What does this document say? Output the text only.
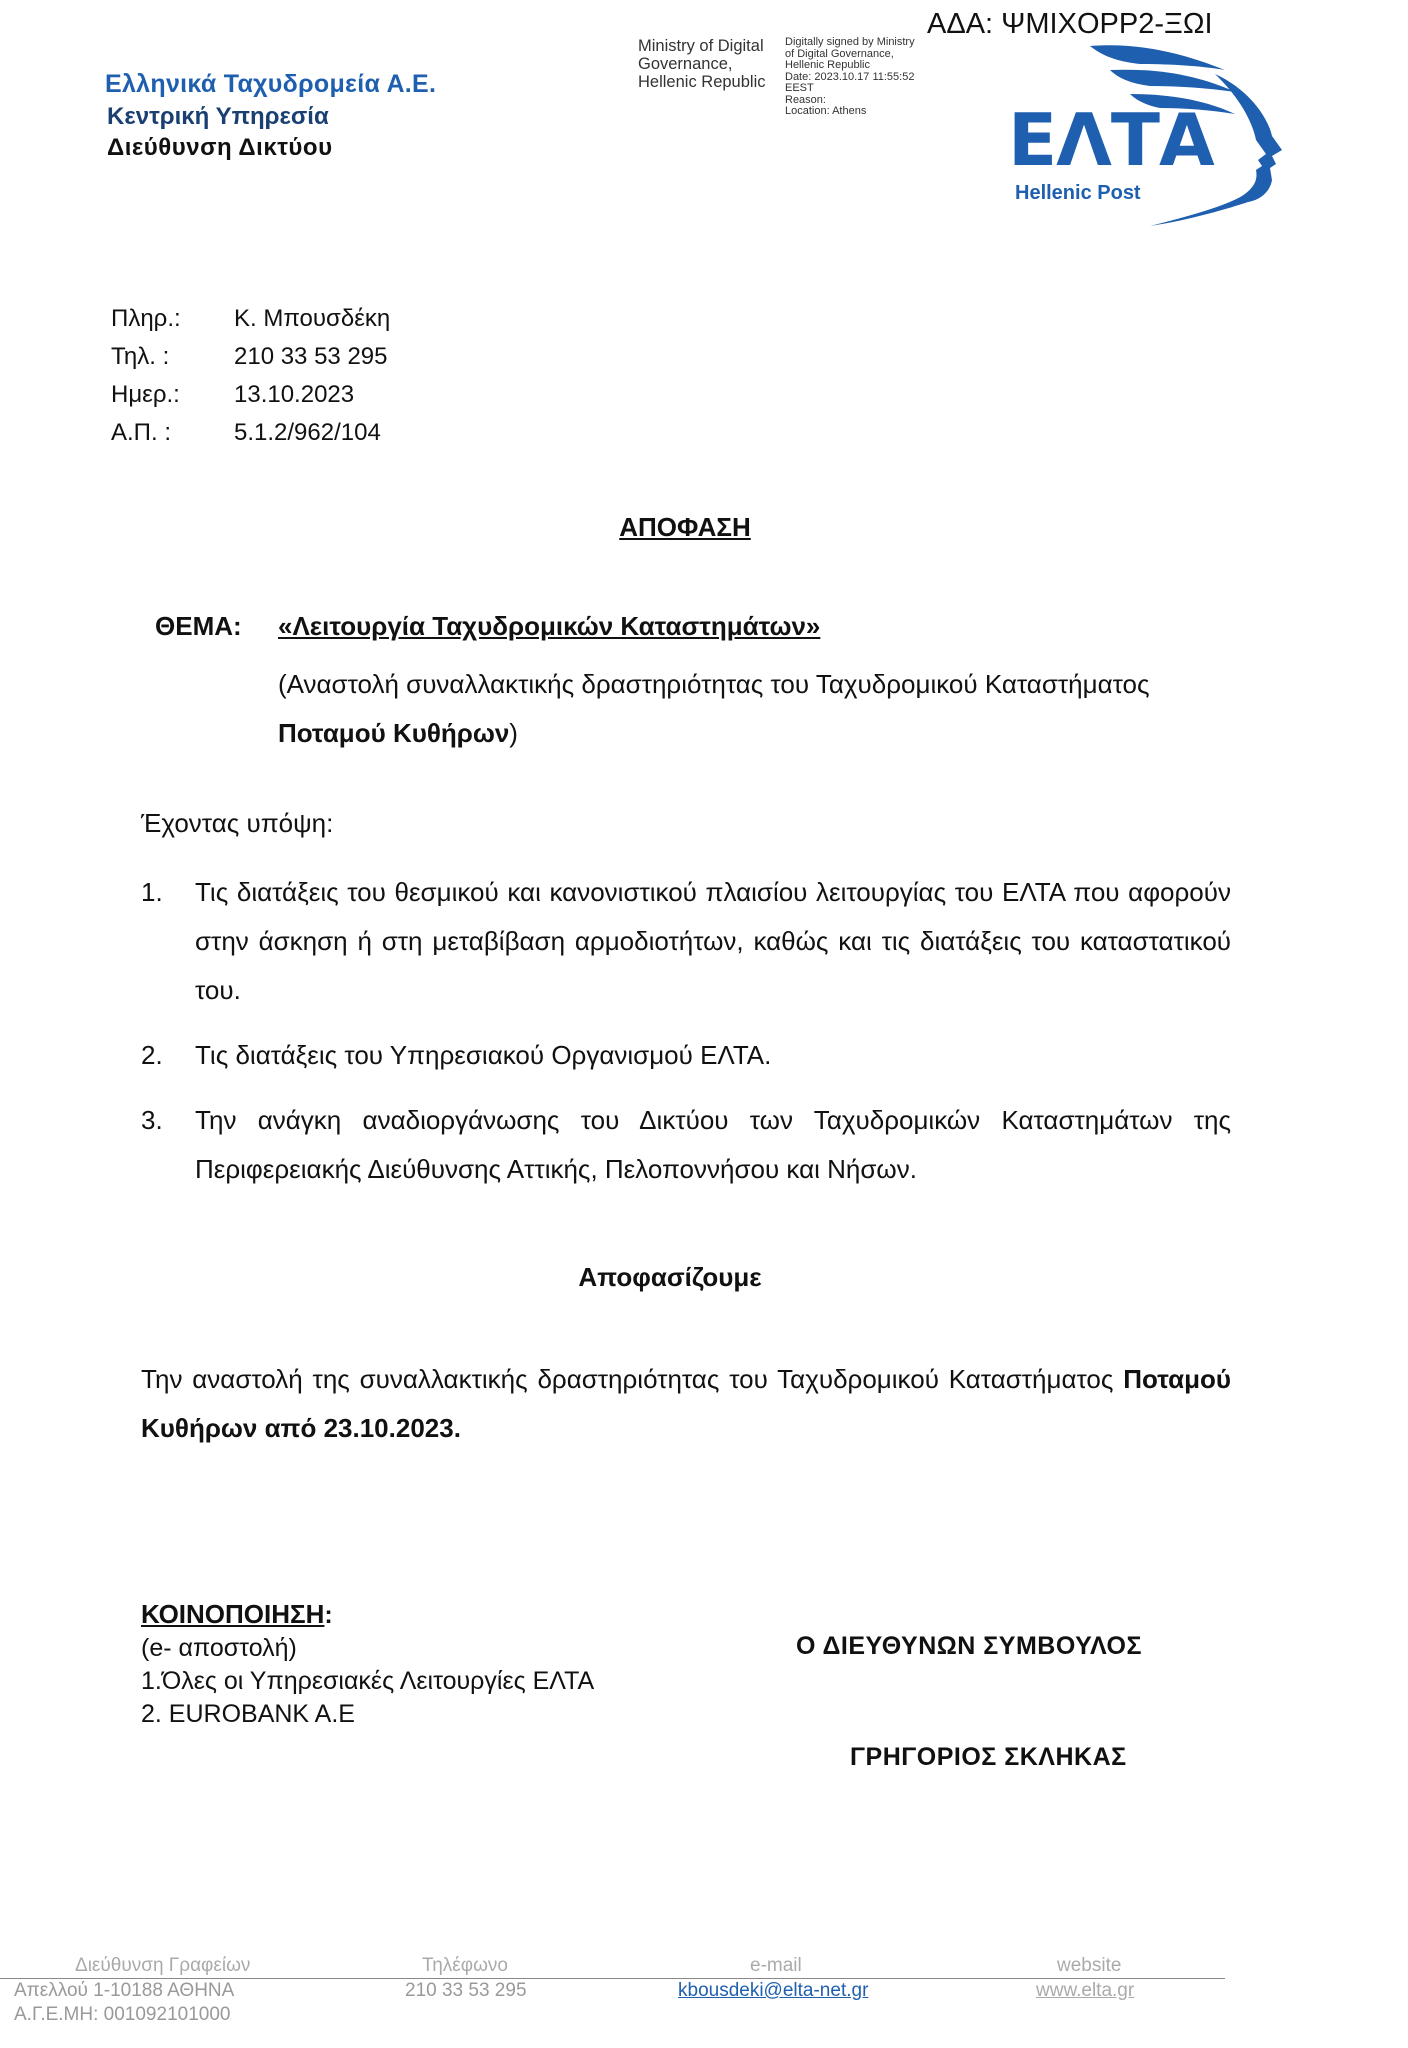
Ελληνικά Ταχυδρομεία Α.Ε.
Κεντρική Υπηρεσία
Διεύθυνση Δικτύου
Ministry of Digital Governance, Hellenic Republic
Digitally signed by Ministry
of Digital Governance,
Hellenic Republic
Date: 2023.10.17 11:55:52
EEST
Reason:
Location: Athens
ΑΔΑ: ΨΜΙΧΟΡΡ2-ΞΩΙ
ΕΛΤΑ
Hellenic Post
Πληρ.:	Κ. Μπουσδέκη
Τηλ. :	210 33 53 295
Ημερ.:	13.10.2023
Α.Π. :	5.1.2/962/104
ΑΠΟΦΑΣΗ
ΘΕΜΑ: «Λειτουργία Ταχυδρομικών Καταστημάτων»
(Αναστολή συναλλακτικής δραστηριότητας του Ταχυδρομικού Καταστήματος Ποταμού Κυθήρων)
Έχοντας υπόψη:
1.	Τις διατάξεις του θεσμικού και κανονιστικού πλαισίου λειτουργίας του ΕΛΤΑ που αφορούν στην άσκηση ή στη μεταβίβαση αρμοδιοτήτων, καθώς και τις διατάξεις του καταστατικού του.
2.	Τις διατάξεις του Υπηρεσιακού Οργανισμού ΕΛΤΑ.
3.	Την ανάγκη αναδιοργάνωσης του Δικτύου των Ταχυδρομικών Καταστημάτων της Περιφερειακής Διεύθυνσης Αττικής, Πελοποννήσου και Νήσων.
Αποφασίζουμε
Την αναστολή της συναλλακτικής δραστηριότητας του Ταχυδρομικού Καταστήματος Ποταμού Κυθήρων από 23.10.2023.
ΚΟΙΝΟΠΟΙΗΣΗ:
(e- αποστολή)
1.Όλες οι Υπηρεσιακές Λειτουργίες ΕΛΤΑ
2. EUROBANK A.E
Ο ΔΙΕΥΘΥΝΩΝ ΣΥΜΒΟΥΛΟΣ
ΓΡΗΓΟΡΙΟΣ ΣΚΛΗΚΑΣ
Διεύθυνση Γραφείων
Απελλού 1-10188 ΑΘΗΝΑ
Α.Γ.Ε.ΜΗ: 001092101000
Τηλέφωνο
210 33 53 295
e-mail
kbousdeki@elta-net.gr
website
www.elta.gr
